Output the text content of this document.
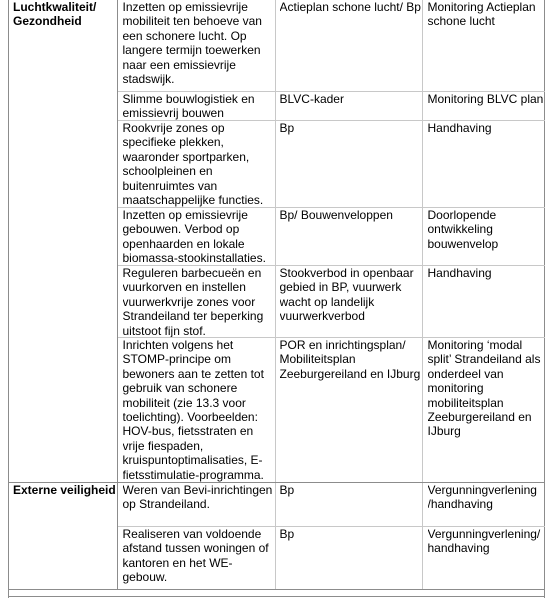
Luchtkwaliteit/ Gezondheid	Inzetten op emissievrije mobiliteit ten behoeve van een schonere lucht. Op langere termijn toewerken naar een emissievrije stadswijk.	Actieplan schone lucht/ Bp	Monitoring Actieplan schone lucht

	Slimme bouwlogistiek en emissievrij bouwen	BLVC-kader	Monitoring BLVC plan

	Rookvrije zones op specifieke plekken, waaronder sportparken, schoolpleinen en buitenruimtes van maatschappelijke functies.	Bp	Handhaving

	Inzetten op emissievrije gebouwen. Verbod op openhaarden en lokale biomassa-stookinstallaties.	Bp/ Bouwenveloppen	Doorlopende ontwikkeling bouwenvelop

	Reguleren barbecueën en vuurkorven en instellen vuurwerkvrije zones voor Strandeiland ter beperking uitstoot fijn stof.	Stookverbod in openbaar gebied in BP, vuurwerk wacht op landelijk vuurwerkverbod	Handhaving

	Inrichten volgens het STOMP-principe om bewoners aan te zetten tot gebruik van schonere mobiliteit (zie 13.3 voor toelichting). Voorbeelden: HOV-bus, fietsstraten en vrije fiespaden, kruispuntoptimalisaties, E-fietsstimulatie-programma.	POR en inrichtingsplan/ Mobiliteitsplan Zeeburgereiland en IJburg	Monitoring ‘modal split’ Strandeiland als onderdeel van monitoring mobiliteitsplan Zeeburgereiland en IJburg

Externe veiligheid	Weren van Bevi-inrichtingen op Strandeiland.	Bp	Vergunningverlening /handhaving

	Realiseren van voldoende afstand tussen woningen of kantoren en het WE-gebouw.	Bp	Vergunningverlening/ handhaving
